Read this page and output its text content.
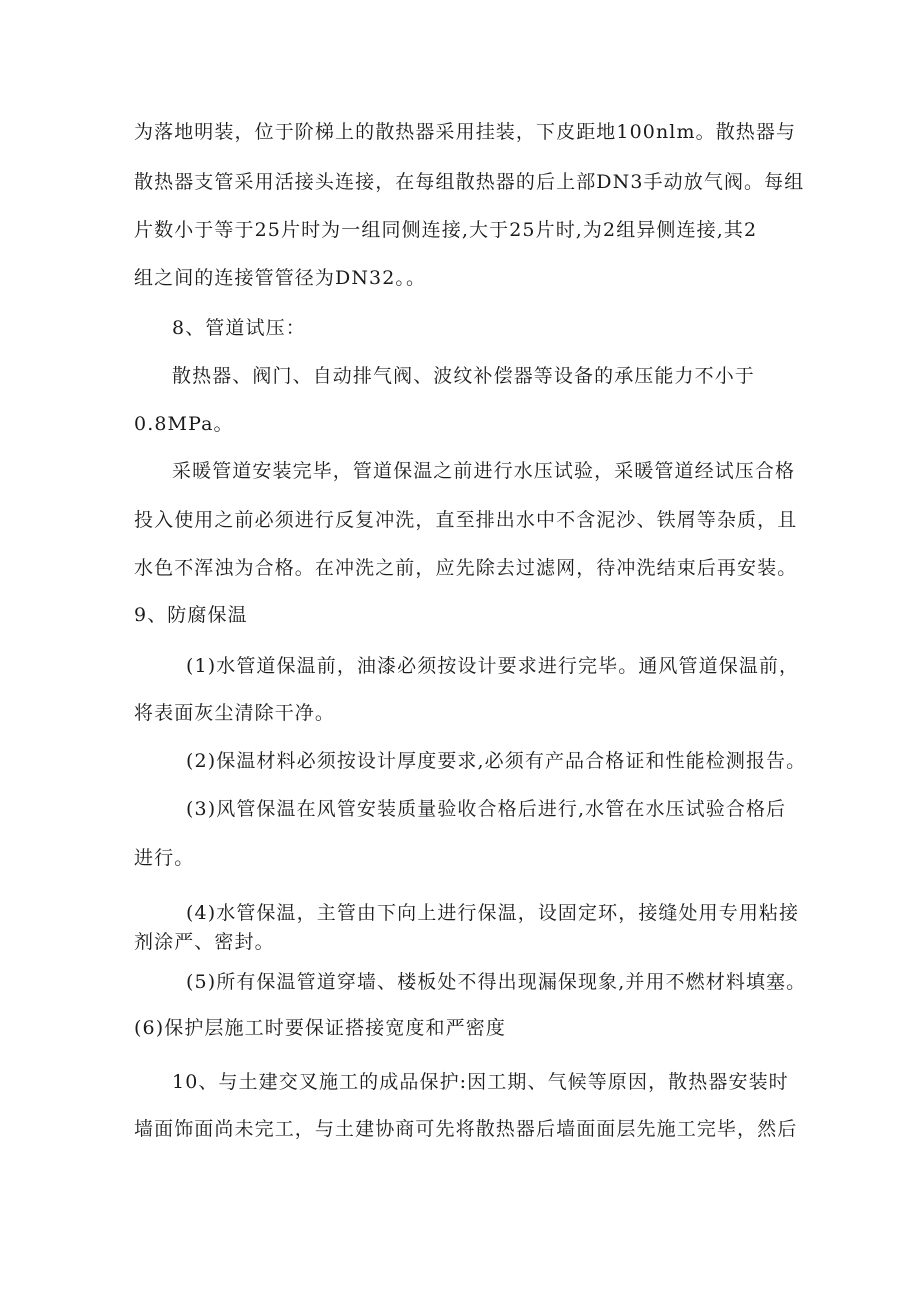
为落地明装，位于阶梯上的散热器采用挂装，下皮距地100nlm。散热器与
散热器支管采用活接头连接，在每组散热器的后上部DN3手动放气阀。每组
片数小于等于25片时为一组同侧连接,大于25片时,为2组异侧连接,其2
组之间的连接管管径为DN32。。
8、管道试压：
散热器、阀门、自动排气阀、波纹补偿器等设备的承压能力不小于
0.8MPa。
采暖管道安装完毕，管道保温之前进行水压试验，采暖管道经试压合格
投入使用之前必须进行反复冲洗，直至排出水中不含泥沙、铁屑等杂质，且
水色不浑浊为合格。在冲洗之前，应先除去过滤网，待冲洗结束后再安装。
9、防腐保温
(1)水管道保温前，油漆必须按设计要求进行完毕。通风管道保温前，
将表面灰尘清除干净。
(2)保温材料必须按设计厚度要求,必须有产品合格证和性能检测报告。
(3)风管保温在风管安装质量验收合格后进行,水管在水压试验合格后
进行。
(4)水管保温，主管由下向上进行保温，设固定环，接缝处用专用粘接
剂涂严、密封。
(5)所有保温管道穿墙、楼板处不得出现漏保现象,并用不燃材料填塞。
(6)保护层施工时要保证搭接宽度和严密度
10、与土建交叉施工的成品保护:因工期、气候等原因，散热器安装时
墙面饰面尚未完工，与土建协商可先将散热器后墙面面层先施工完毕，然后
